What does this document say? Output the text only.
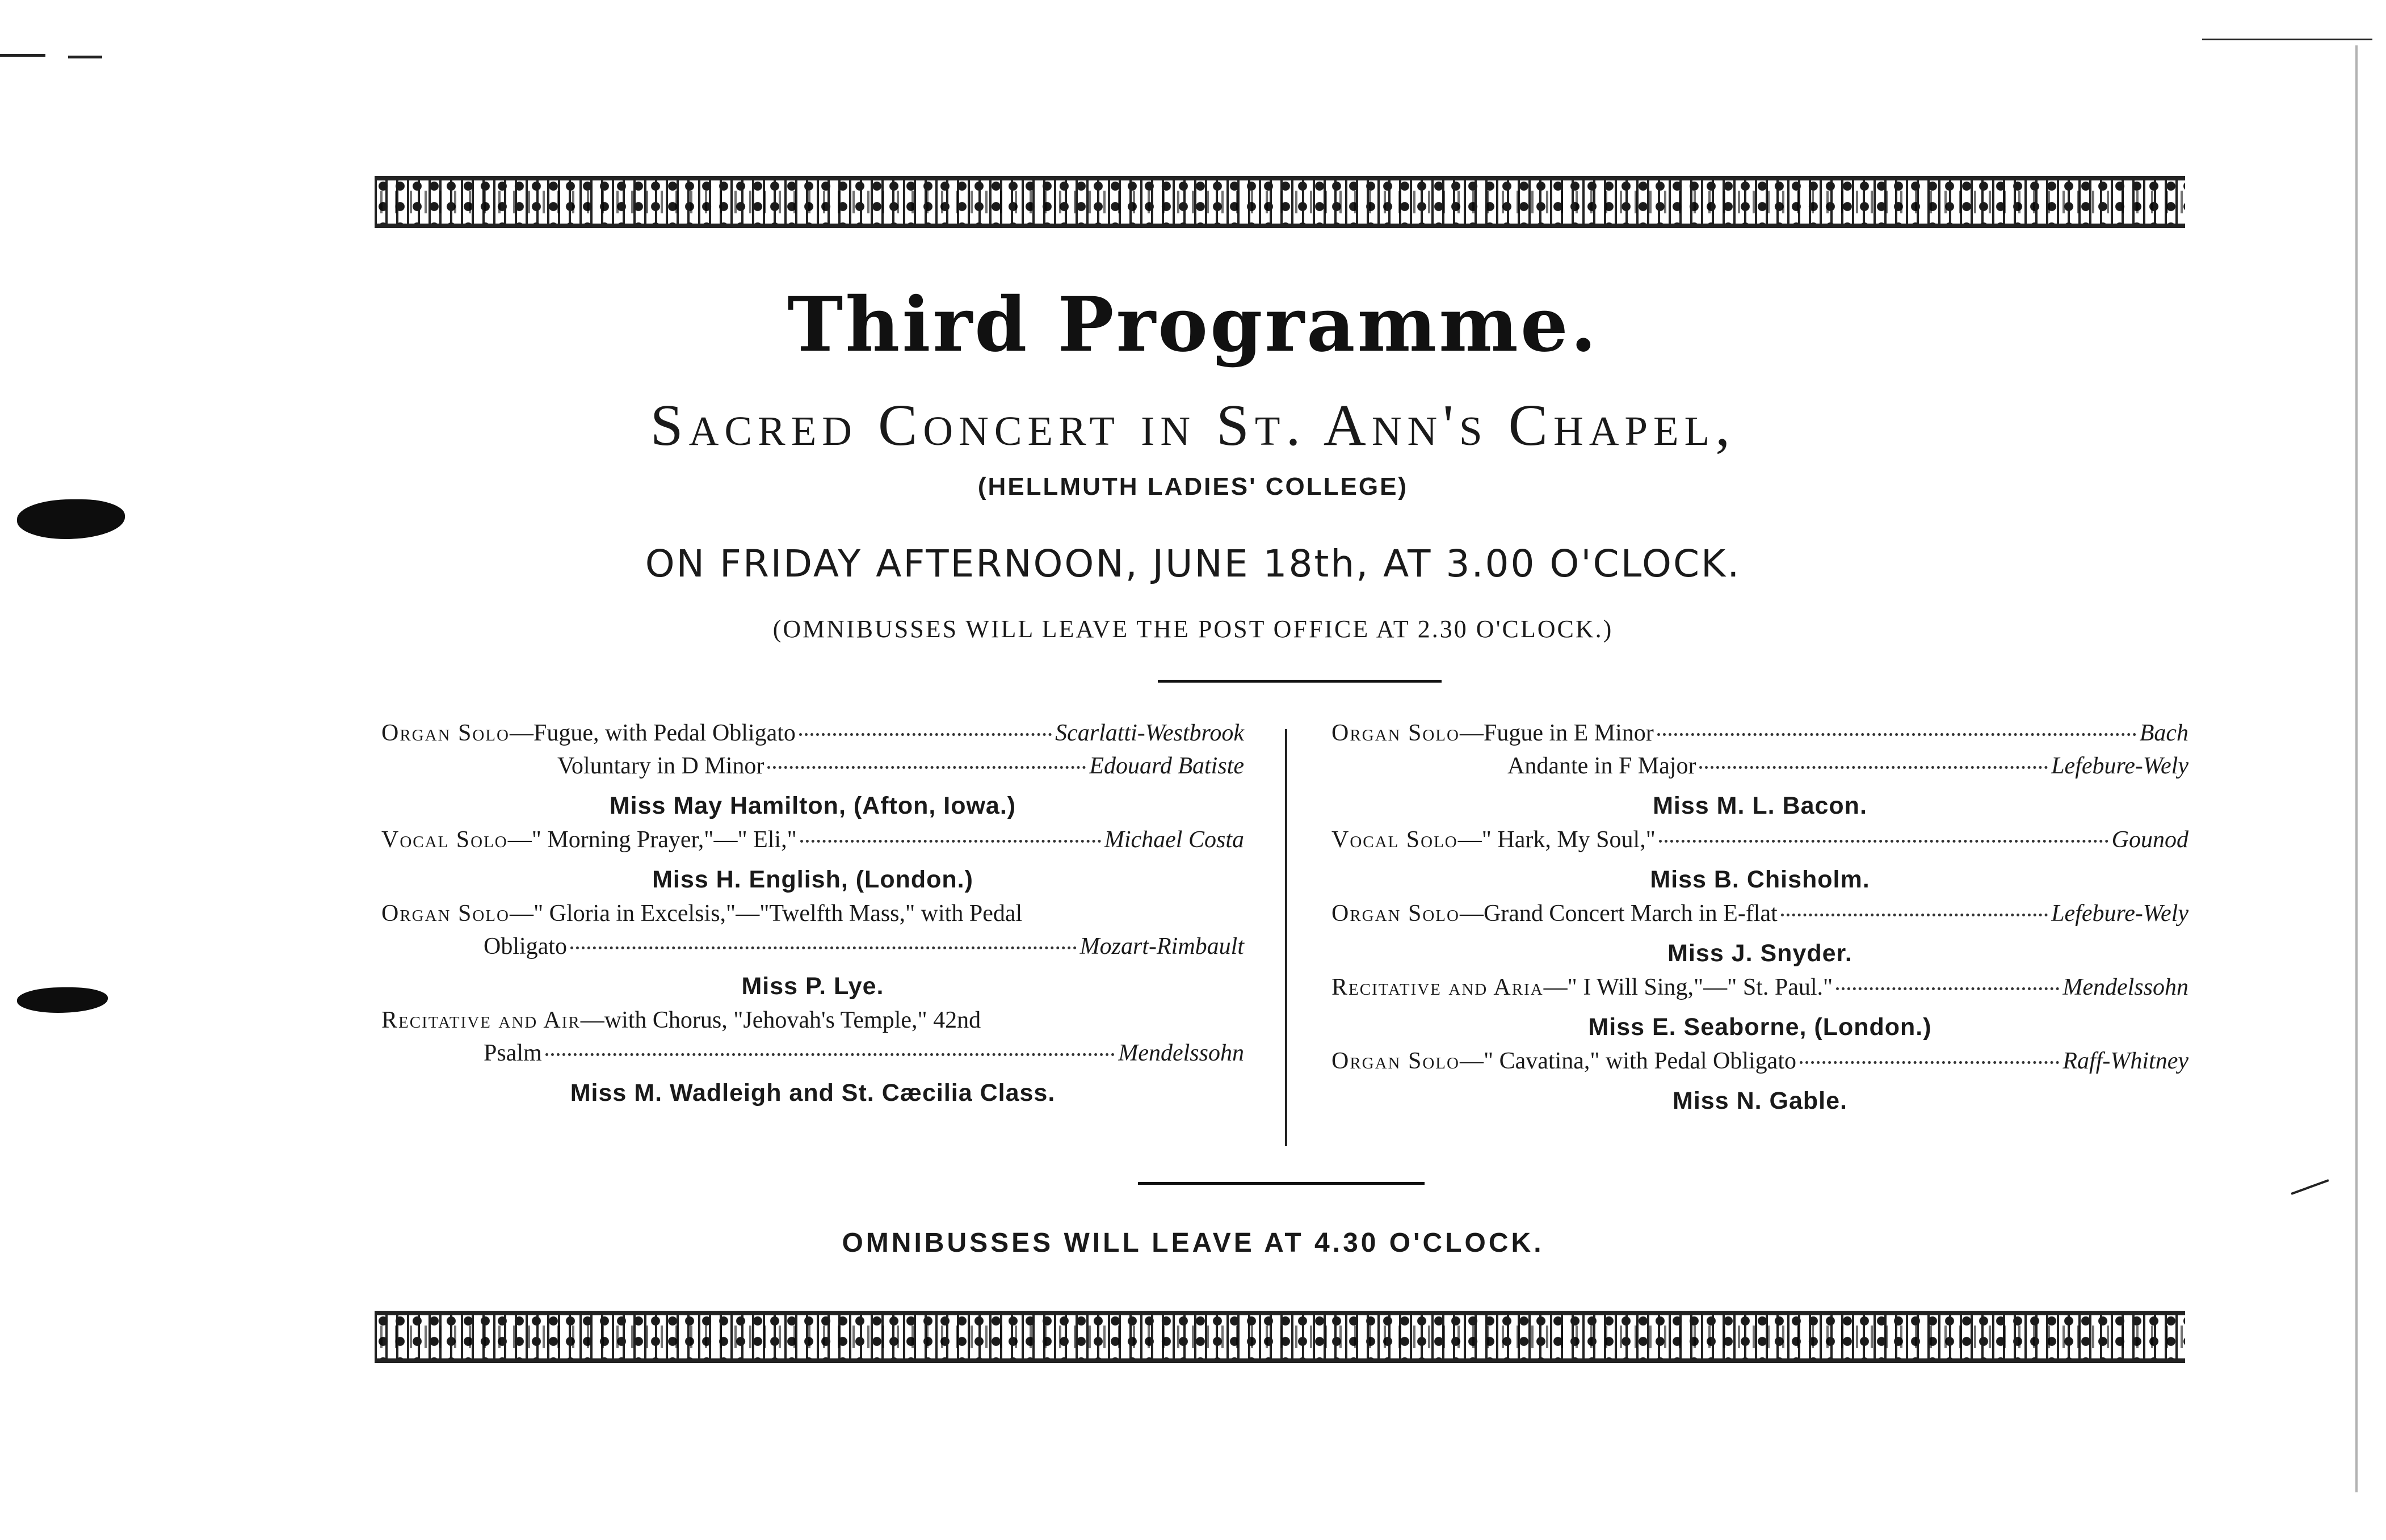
Third Programme.
Sacred Concert in St. Ann's Chapel,
(HELLMUTH LADIES' COLLEGE)
ON FRIDAY AFTERNOON, JUNE 18th, AT 3.00 O'CLOCK.
(OMNIBUSSES WILL LEAVE THE POST OFFICE AT 2.30 O'CLOCK.)
Organ Solo —Fugue, with Pedal Obligato	Scarlatti-Westbrook
Voluntary in D Minor	Edouard Batiste
Miss May Hamilton, (Afton, Iowa.)
Vocal Solo —" Morning Prayer,"—" Eli,"	Michael Costa
Miss H. English, (London.)
Organ Solo —" Gloria in Excelsis,"—"Twelfth Mass," with Pedal
Obligato	Mozart-Rimbault
Miss P. Lye.
Recitative and Air —with Chorus, "Jehovah's Temple," 42nd
Psalm	Mendelssohn
Miss M. Wadleigh and St. Cæcilia Class.
Organ Solo —Fugue in E Minor	Bach
Andante in F Major	Lefebure-Wely
Miss M. L. Bacon.
Vocal Solo —" Hark, My Soul,"	Gounod
Miss B. Chisholm.
Organ Solo —Grand Concert March in E-flat	Lefebure-Wely
Miss J. Snyder.
Recitative and Aria —" I Will Sing,"—" St. Paul."	Mendelssohn
Miss E. Seaborne, (London.)
Organ Solo —" Cavatina," with Pedal Obligato	Raff-Whitney
Miss N. Gable.
OMNIBUSSES WILL LEAVE AT 4.30 O'CLOCK.
